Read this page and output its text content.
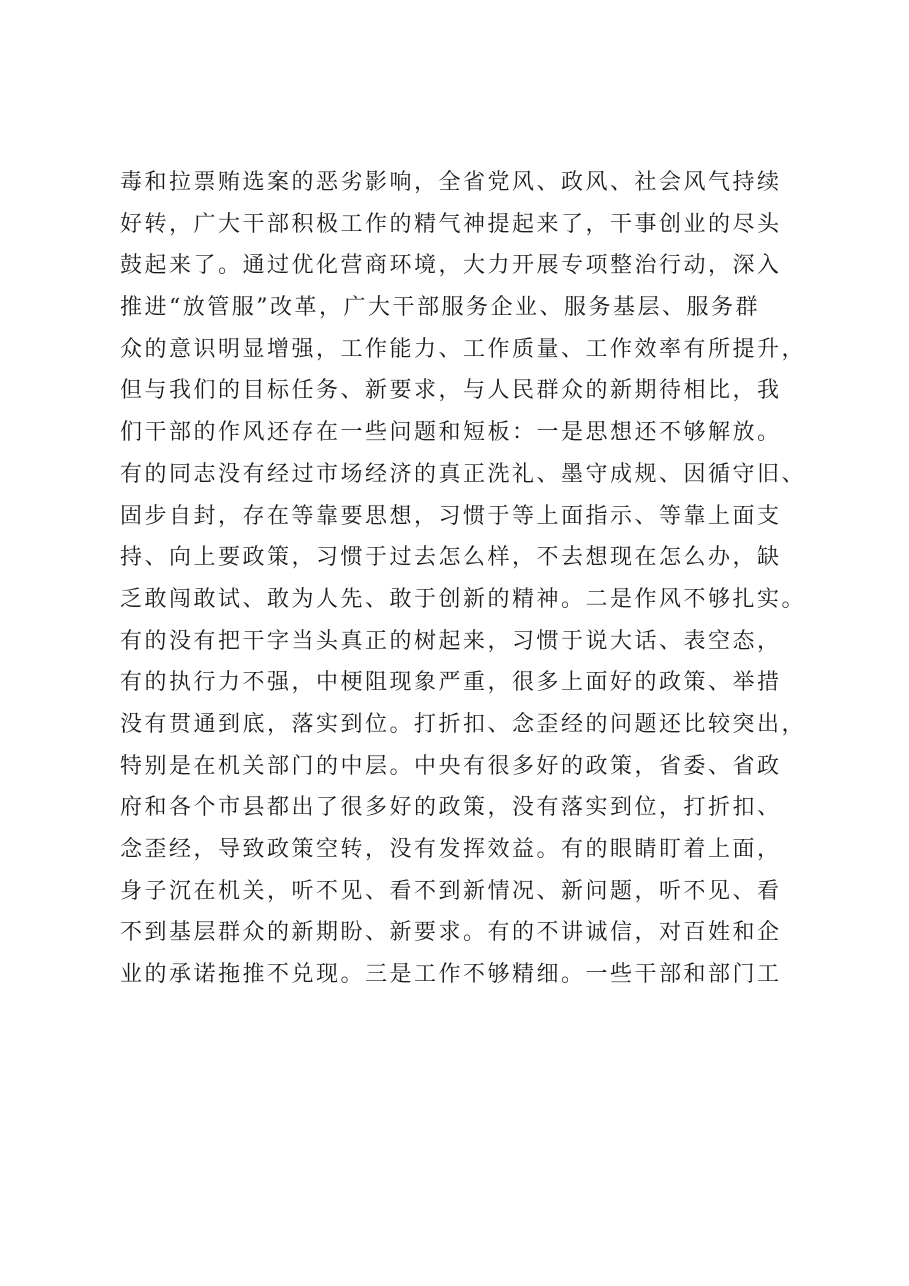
毒和拉票贿选案的恶劣影响，全省党风、政风、社会风气持续
好转，广大干部积极工作的精气神提起来了，干事创业的尽头
鼓起来了。通过优化营商环境，大力开展专项整治行动，深入
推进“放管服”改革，广大干部服务企业、服务基层、服务群
众的意识明显增强，工作能力、工作质量、工作效率有所提升，
但与我们的目标任务、新要求，与人民群众的新期待相比，我
们干部的作风还存在一些问题和短板：一是思想还不够解放。
有的同志没有经过市场经济的真正洗礼、墨守成规、因循守旧、
固步自封，存在等靠要思想，习惯于等上面指示、等靠上面支
持、向上要政策，习惯于过去怎么样，不去想现在怎么办，缺
乏敢闯敢试、敢为人先、敢于创新的精神。二是作风不够扎实。
有的没有把干字当头真正的树起来，习惯于说大话、表空态，
有的执行力不强，中梗阻现象严重，很多上面好的政策、举措
没有贯通到底，落实到位。打折扣、念歪经的问题还比较突出，
特别是在机关部门的中层。中央有很多好的政策，省委、省政
府和各个市县都出了很多好的政策，没有落实到位，打折扣、
念歪经，导致政策空转，没有发挥效益。有的眼睛盯着上面，
身子沉在机关，听不见、看不到新情况、新问题，听不见、看
不到基层群众的新期盼、新要求。有的不讲诚信，对百姓和企
业的承诺拖推不兑现。三是工作不够精细。一些干部和部门工
